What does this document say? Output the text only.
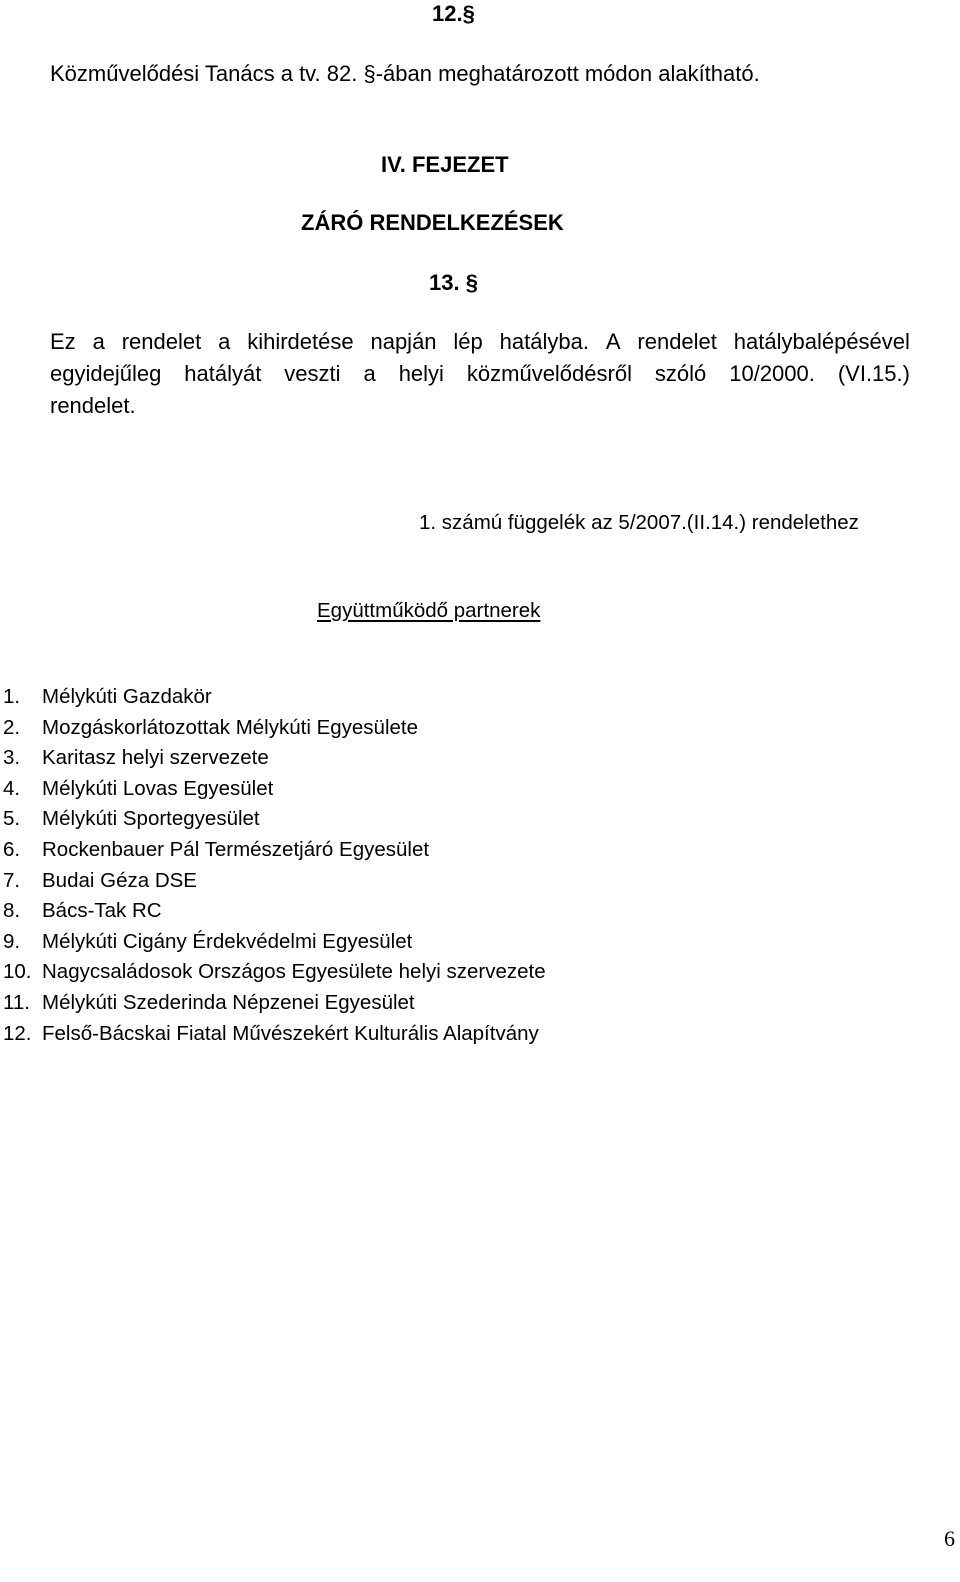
12.§
Közművelődési Tanács a tv. 82. §-ában meghatározott módon alakítható.
IV. FEJEZET
ZÁRÓ RENDELKEZÉSEK
13. §
Ez a rendelet a kihirdetése napján lép hatályba. A rendelet hatálybalépésével
egyidejűleg hatályát veszti a helyi közművelődésről szóló 10/2000. (VI.15.)
rendelet.
1. számú függelék az 5/2007.(II.14.) rendelethez
Együttműködő partnerek
1.	Mélykúti Gazdakör
2.	Mozgáskorlátozottak Mélykúti Egyesülete
3.	Karitasz helyi szervezete
4.	Mélykúti Lovas Egyesület
5.	Mélykúti Sportegyesület
6.	Rockenbauer Pál Természetjáró Egyesület
7.	Budai Géza DSE
8.	Bács-Tak RC
9.	Mélykúti Cigány Érdekvédelmi Egyesület
10. Nagycsaládosok Országos Egyesülete helyi szervezete
11. Mélykúti Szederinda Népzenei Egyesület
12. Felső-Bácskai Fiatal Művészekért Kulturális Alapítvány
6
